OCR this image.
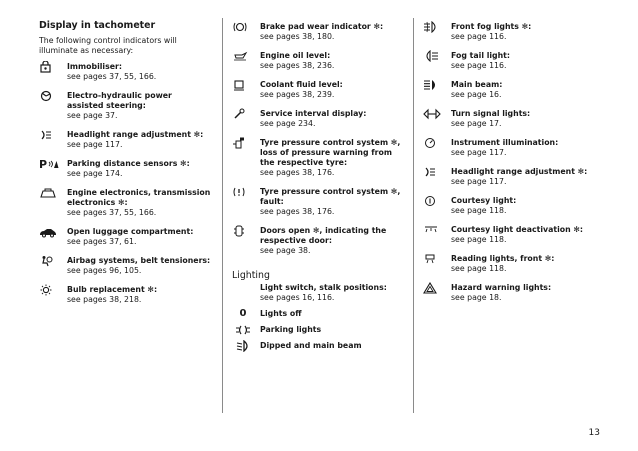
Display in tachometer
The following control indicators will illuminate as necessary:
Immobiliser:
see pages 37, 55, 166.
Electro-hydraulic power assisted steering:
see page 37.
Headlight range adjustment ✻:
see page 117.
P	Parking distance sensors ✻:
see page 174.
Engine electronics, transmission electronics ✻:
see pages 37, 55, 166.
Open luggage compartment:
see pages 37, 61.
Airbag systems, belt tensioners:
see pages 96, 105.
Bulb replacement ✻:
see pages 38, 218.
Brake pad wear indicator ✻:
see pages 38, 180.
Engine oil level:
see pages 38, 236.
Coolant fluid level:
see pages 38, 239.
Service interval display:
see page 234.
Tyre pressure control system ✻, loss of pressure warning from the respective tyre:
see pages 38, 176.
Tyre pressure control system ✻, fault:
see pages 38, 176.
Doors open ✻, indicating the respective door:
see page 38.
Lighting
Light switch, stalk positions:
see pages 16, 116.
0	Lights off
Parking lights
Dipped and main beam
Front fog lights ✻:
see page 116.
Fog tail light:
see page 116.
Main beam:
see page 16.
Turn signal lights:
see page 17.
Instrument illumination:
see page 117.
Headlight range adjustment ✻:
see page 117.
Courtesy light:
see page 118.
Courtesy light deactivation ✻:
see page 118.
Reading lights, front ✻:
see page 118.
Hazard warning lights:
see page 18.
13
